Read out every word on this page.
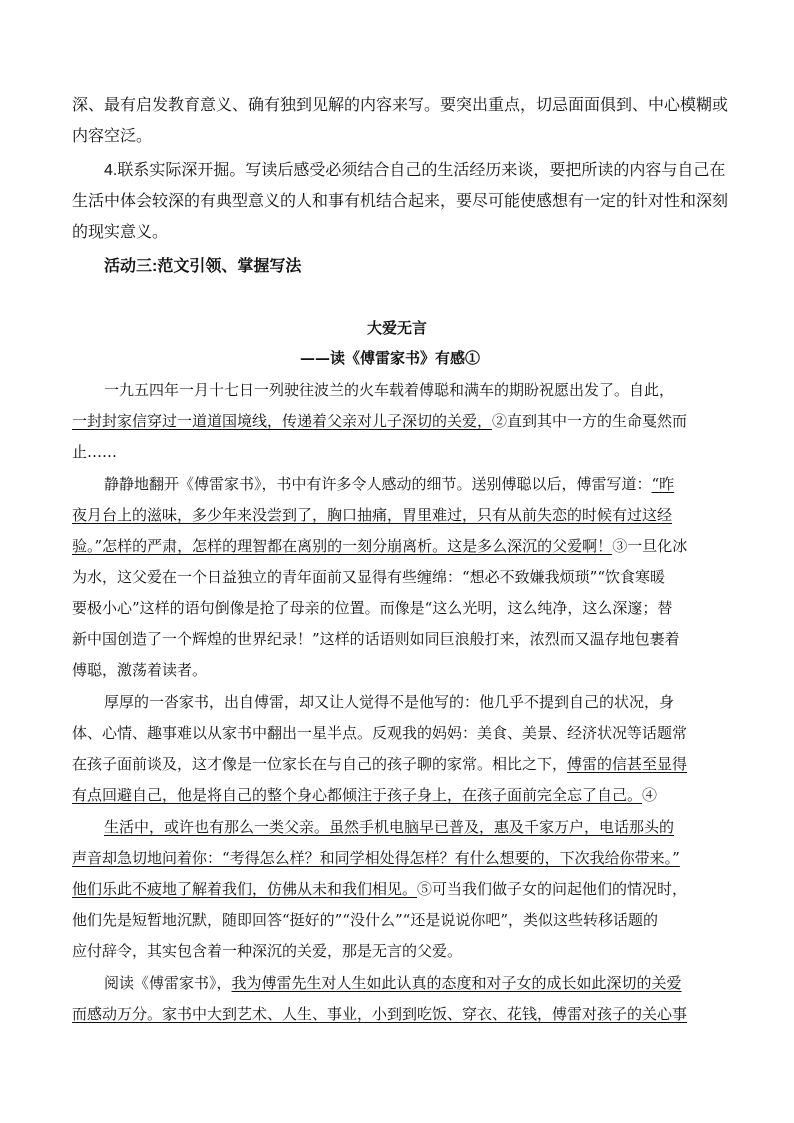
深、最有启发教育意义、确有独到见解的内容来写。要突出重点，切忌面面俱到、中心模糊或
内容空泛。
4.联系实际深开掘。写读后感受必须结合自己的生活经历来谈，要把所读的内容与自己在
生活中体会较深的有典型意义的人和事有机结合起来，要尽可能使感想有一定的针对性和深刻
的现实意义。
活动三:范文引领、掌握写法
大爱无言
——读《傅雷家书》有感①
一九五四年一月十七日一列驶往波兰的火车载着傅聪和满车的期盼祝愿出发了。自此，
一封封家信穿过一道道国境线，传递着父亲对儿子深切的关爱，②直到其中一方的生命戛然而
止……
静静地翻开《傅雷家书》，书中有许多令人感动的细节。送别傅聪以后，傅雷写道：“昨
夜月台上的滋味，多少年来没尝到了，胸口抽痛，胃里难过，只有从前失恋的时候有过这经
验。”怎样的严肃，怎样的理智都在离别的一刻分崩离析。这是多么深沉的父爱啊！③一旦化冰
为水，这父爱在一个日益独立的青年面前又显得有些缠绵：“想必不致嫌我烦琐”“饮食寒暖
要极小心”这样的语句倒像是抢了母亲的位置。而像是“这么光明，这么纯净，这么深邃；替
新中国创造了一个辉煌的世界纪录！”这样的话语则如同巨浪般打来，浓烈而又温存地包裹着
傅聪，激荡着读者。
厚厚的一沓家书，出自傅雷，却又让人觉得不是他写的：他几乎不提到自己的状况，身
体、心情、趣事难以从家书中翻出一星半点。反观我的妈妈：美食、美景、经济状况等话题常
在孩子面前谈及，这才像是一位家长在与自己的孩子聊的家常。相比之下，傅雷的信甚至显得
有点回避自己，他是将自己的整个身心都倾注于孩子身上，在孩子面前完全忘了自己。④
生活中，或许也有那么一类父亲。虽然手机电脑早已普及，惠及千家万户，电话那头的
声音却急切地问着你：“考得怎么样？和同学相处得怎样？有什么想要的，下次我给你带来。”
他们乐此不疲地了解着我们，仿佛从未和我们相见。⑤可当我们做子女的问起他们的情况时，
他们先是短暂地沉默，随即回答“挺好的”“没什么”“还是说说你吧”，类似这些转移话题的
应付辞令，其实包含着一种深沉的关爱，那是无言的父爱。
阅读《傅雷家书》，我为傅雷先生对人生如此认真的态度和对子女的成长如此深切的关爱
而感动万分。家书中大到艺术、人生、事业，小到到吃饭、穿衣、花钱，傅雷对孩子的关心事
